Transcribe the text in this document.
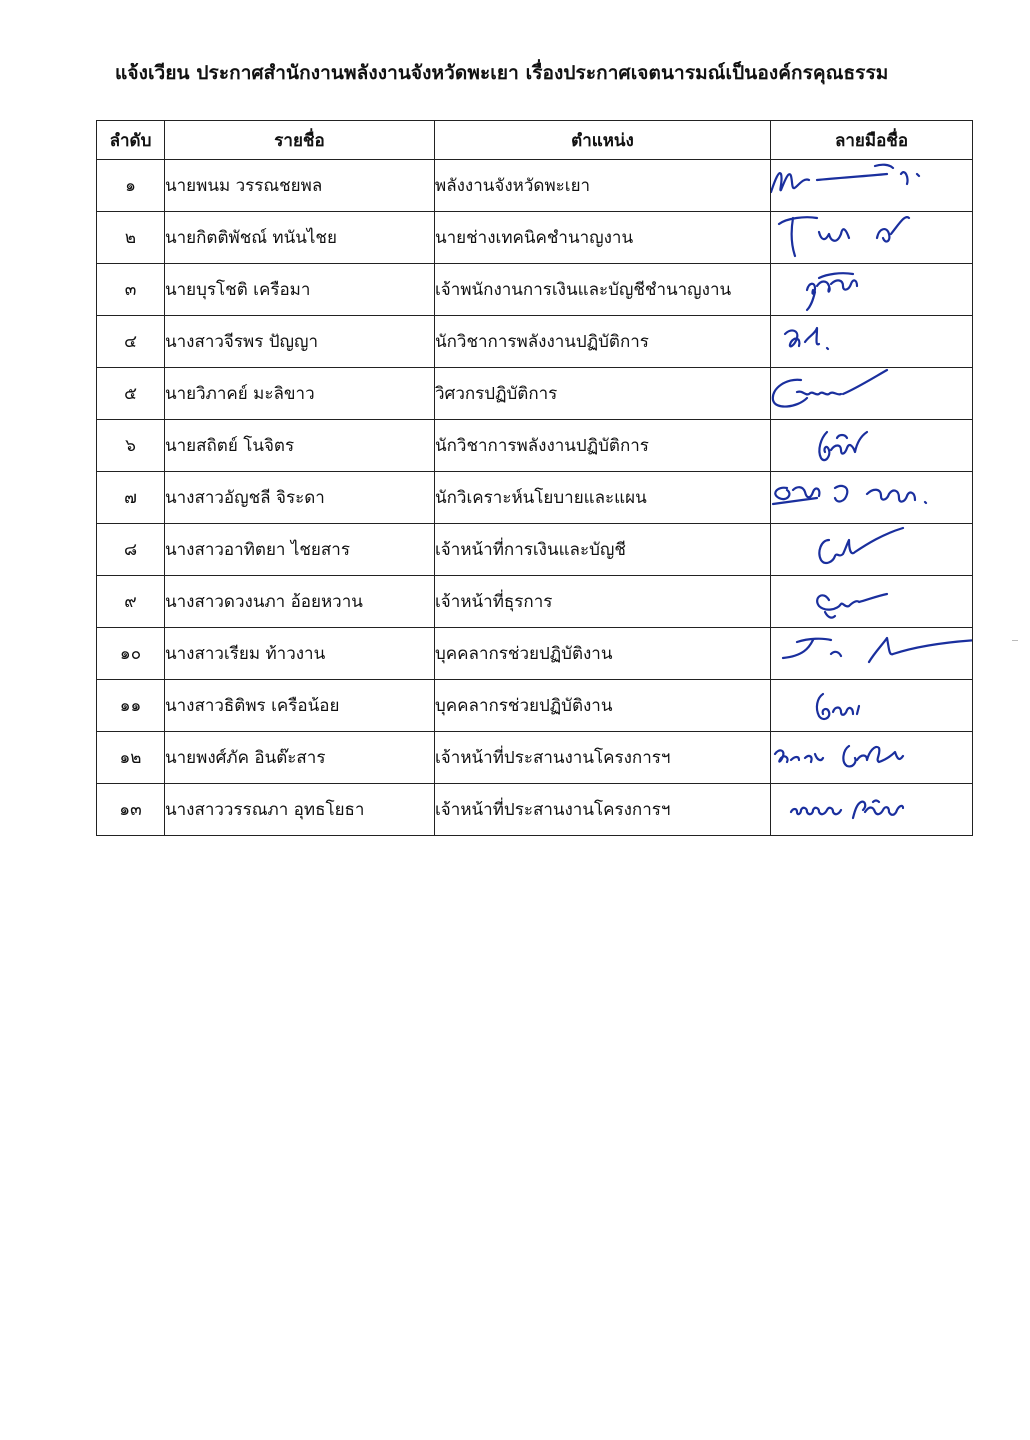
แจ้งเวียน ประกาศสำนักงานพลังงานจังหวัดพะเยา เรื่องประกาศเจตนารมณ์เป็นองค์กรคุณธรรม
ลำดับ	รายชื่อ	ตำแหน่ง	ลายมือชื่อ
๑	นายพนม วรรณชยพล	พลังงานจังหวัดพะเยา	

๒	นายกิตติพัชณ์ ทนันไชย	นายช่างเทคนิคชำนาญงาน	

๓	นายบุรโชติ เครือมา	เจ้าพนักงานการเงินและบัญชีชำนาญงาน	

๔	นางสาวจีรพร ปัญญา	นักวิชาการพลังงานปฏิบัติการ	

๕	นายวิภาคย์ มะลิขาว	วิศวกรปฏิบัติการ	

๖	นายสถิตย์ โนจิตร	นักวิชาการพลังงานปฏิบัติการ	

๗	นางสาวอัญชลี จิระดา	นักวิเคราะห์นโยบายและแผน	

๘	นางสาวอาทิตยา ไชยสาร	เจ้าหน้าที่การเงินและบัญชี	

๙	นางสาวดวงนภา อ้อยหวาน	เจ้าหน้าที่ธุรการ	

๑๐	นางสาวเรียม ท้าวงาน	บุคคลากรช่วยปฏิบัติงาน	

๑๑	นางสาวธิติพร เครือน้อย	บุคคลากรช่วยปฏิบัติงาน	

๑๒	นายพงศ์ภัค อินต๊ะสาร	เจ้าหน้าที่ประสานงานโครงการฯ	

๑๓	นางสาววรรณภา อุทธโยธา	เจ้าหน้าที่ประสานงานโครงการฯ	
